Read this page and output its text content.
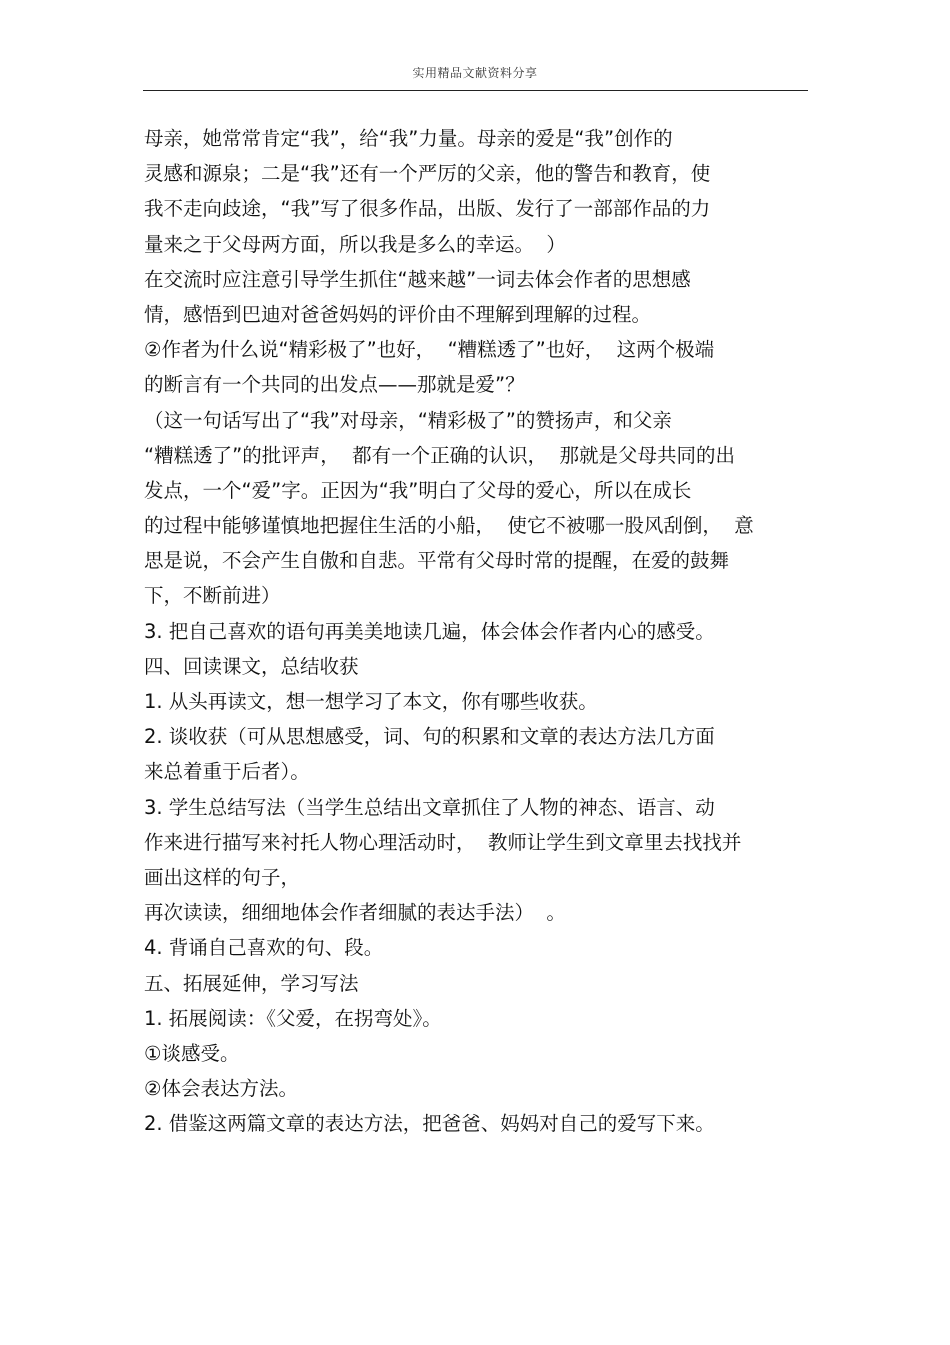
实用精品文献资料分享
母亲，她常常肯定“我”，给“我”力量。母亲的爱是“我”创作的
灵感和源泉；二是“我”还有一个严厉的父亲，他的警告和教育，使
我不走向歧途，“我”写了很多作品，出版、发行了一部部作品的力
量来之于父母两方面，所以我是多么的幸运。  ）
在交流时应注意引导学生抓住“越来越”一词去体会作者的思想感
情，感悟到巴迪对爸爸妈妈的评价由不理解到理解的过程。
②作者为什么说“精彩极了”也好，  “糟糕透了”也好，  这两个极端
的断言有一个共同的出发点——那就是爱”？
（这一句话写出了“我”对母亲，“精彩极了”的赞扬声，和父亲
“糟糕透了”的批评声，  都有一个正确的认识，  那就是父母共同的出
发点，一个“爱”字。正因为“我”明白了父母的爱心，所以在成长
的过程中能够谨慎地把握住生活的小船，  使它不被哪一股风刮倒，  意
思是说，不会产生自傲和自悲。平常有父母时常的提醒，在爱的鼓舞
下，不断前进）
3. 把自己喜欢的语句再美美地读几遍，体会体会作者内心的感受。
四、回读课文，总结收获
1. 从头再读文，想一想学习了本文，你有哪些收获。
2. 谈收获（可从思想感受，词、句的积累和文章的表达方法几方面
来总着重于后者）。
3. 学生总结写法（当学生总结出文章抓住了人物的神态、语言、动
作来进行描写来衬托人物心理活动时，  教师让学生到文章里去找找并
画出这样的句子，
再次读读，细细地体会作者细腻的表达手法）  。
4. 背诵自己喜欢的句、段。
五、拓展延伸，学习写法
1. 拓展阅读：《父爱，在拐弯处》。
①谈感受。
②体会表达方法。
2. 借鉴这两篇文章的表达方法，把爸爸、妈妈对自己的爱写下来。
